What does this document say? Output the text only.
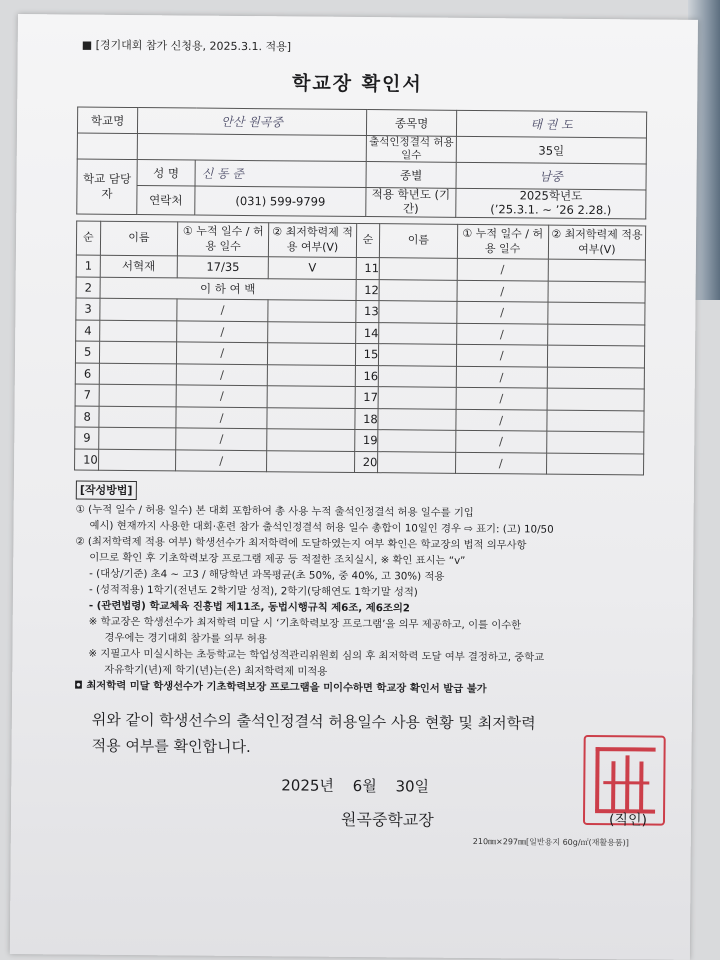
■ [경기대회 참가 신청용, 2025.3.1. 적용]
학교장 확인서
학교명	안산 원곡중		종목명	태 권 도
			출석인정결석 허용 일수	35일
학교 담당자	성 명	신 동 준	종별	남중
	연락처	(031) 599-9799	적용 학년도 (기간)	2025학년도
(’25.3.1. ~ ’26 2.28.)
순	이름	① 누적 일수 / 허용 일수	② 최저학력제 적용 여부(V)	순	이름	① 누적 일수 / 허용 일수	② 최저학력제 적용 여부(V)
1	서혁재	17/35	V	11		/	
2	이 하 여 백			12		/	
3		/		13		/	
4		/		14		/	
5		/		15		/	
6		/		16		/	
7		/		17		/	
8		/		18		/	
9		/		19		/	
10		/		20		/	
[작성방법]
① (누적 일수 / 허용 일수) 본 대회 포함하여 총 사용 누적 출석인정결석 허용 일수를 기입
예시) 현재까지 사용한 대회·훈련 참가 출석인정결석 허용 일수 총합이 10일인 경우 ⇨ 표기: (고) 10/50
② (최저학력제 적용 여부) 학생선수가 최저학력에 도달하였는지 여부 확인은 학교장의 법적 의무사항
이므로 확인 후 기초학력보장 프로그램 제공 등 적절한 조치실시, ※ 확인 표시는 “v”
- (대상/기준) 초4 ~ 고3 / 해당학년 과목평균(초 50%, 중 40%, 고 30%) 적용
- (성적적용) 1학기(전년도 2학기말 성적), 2학기(당해연도 1학기말 성적)
- (관련법령) 학교체육 진흥법 제11조, 동법시행규칙 제6조, 제6조의2
※ 학교장은 학생선수가 최저학력 미달 시 ‘기초학력보장 프로그램’을 의무 제공하고, 이를 이수한
경우에는 경기대회 참가를 의무 허용
※ 지필고사 미실시하는 초등학교는 학업성적관리위원회 심의 후 최저학력 도달 여부 결정하고, 중학교
자유학기(년)제 학기(년)는(은) 최저학력제 미적용
◘ 최저학력 미달 학생선수가 기초학력보장 프로그램을 미이수하면 학교장 확인서 발급 불가
위와 같이 학생선수의 출석인정결석 허용일수 사용 현황 및 최저학력
적용 여부를 확인합니다.
2025년 6월 30일
원곡중학교장	(직인)
210㎜×297㎜[일반용지 60g/㎡(재활용품)]
